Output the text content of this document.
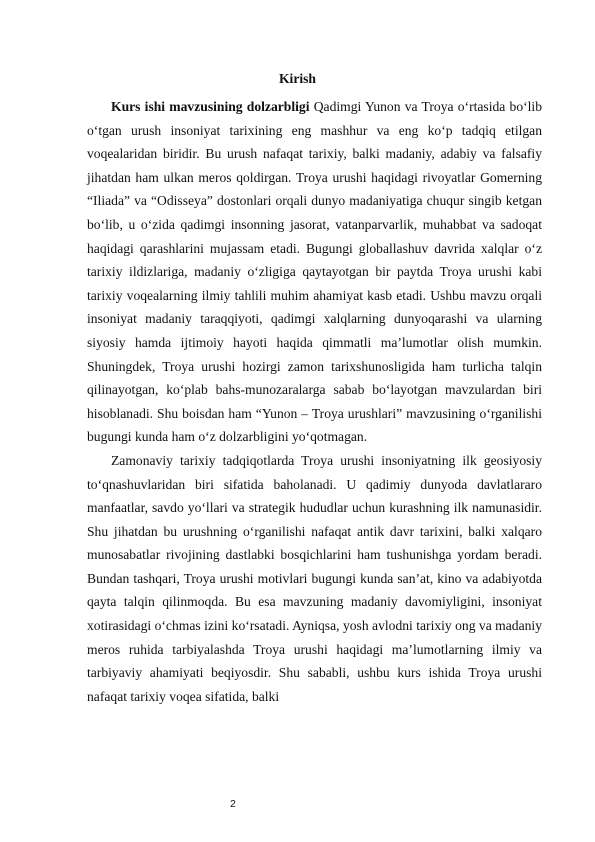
Kirish

Kurs ishi mavzusining dolzarbligi Qadimgi Yunon va Troya o‘rtasida bo‘lib o‘tgan urush insoniyat tarixining eng mashhur va eng ko‘p tadqiq etilgan voqealaridan biridir. Bu urush nafaqat tarixiy, balki madaniy, adabiy va falsafiy jihatdan ham ulkan meros qoldirgan. Troya urushi haqidagi rivoyatlar Gomerning “Iliada” va “Odisseya” dostonlari orqali dunyo madaniyatiga chuqur singib ketgan bo‘lib, u o‘zida qadimgi insonning jasorat, vatanparvarlik, muhabbat va sadoqat haqidagi qarashlarini mujassam etadi. Bugungi globallashuv davrida xalqlar o‘z tarixiy ildizlariga, madaniy o‘zligiga qaytayotgan bir paytda Troya urushi kabi tarixiy voqealarning ilmiy tahlili muhim ahamiyat kasb etadi. Ushbu mavzu orqali insoniyat madaniy taraqqiyoti, qadimgi xalqlarning dunyoqarashi va ularning siyosiy hamda ijtimoiy hayoti haqida qimmatli ma’lumotlar olish mumkin. Shuningdek, Troya urushi hozirgi zamon tarixshunosligida ham turlicha talqin qilinayotgan, ko‘plab bahs-munozaralarga sabab bo‘layotgan mavzulardan biri hisoblanadi. Shu boisdan ham “Yunon – Troya urushlari” mavzusining o‘rganilishi bugungi kunda ham o‘z dolzarbligini yo‘qotmagan.

Zamonaviy tarixiy tadqiqotlarda Troya urushi insoniyatning ilk geosiyosiy to‘qnashuvlaridan biri sifatida baholanadi. U qadimiy dunyoda davlatlararo manfaatlar, savdo yo‘llari va strategik hududlar uchun kurashning ilk namunasidir. Shu jihatdan bu urushning o‘rganilishi nafaqat antik davr tarixini, balki xalqaro munosabatlar rivojining dastlabki bosqichlarini ham tushunishga yordam beradi. Bundan tashqari, Troya urushi motivlari bugungi kunda san’at, kino va adabiyotda qayta talqin qilinmoqda. Bu esa mavzuning madaniy davomiyligini, insoniyat xotirasidagi o‘chmas izini ko‘rsatadi. Ayniqsa, yosh avlodni tarixiy ong va madaniy meros ruhida tarbiyalashda Troya urushi haqidagi ma’lumotlarning ilmiy va tarbiyaviy ahamiyati beqiyosdir. Shu sababli, ushbu kurs ishida Troya urushi nafaqat tarixiy voqea sifatida, balki

2
